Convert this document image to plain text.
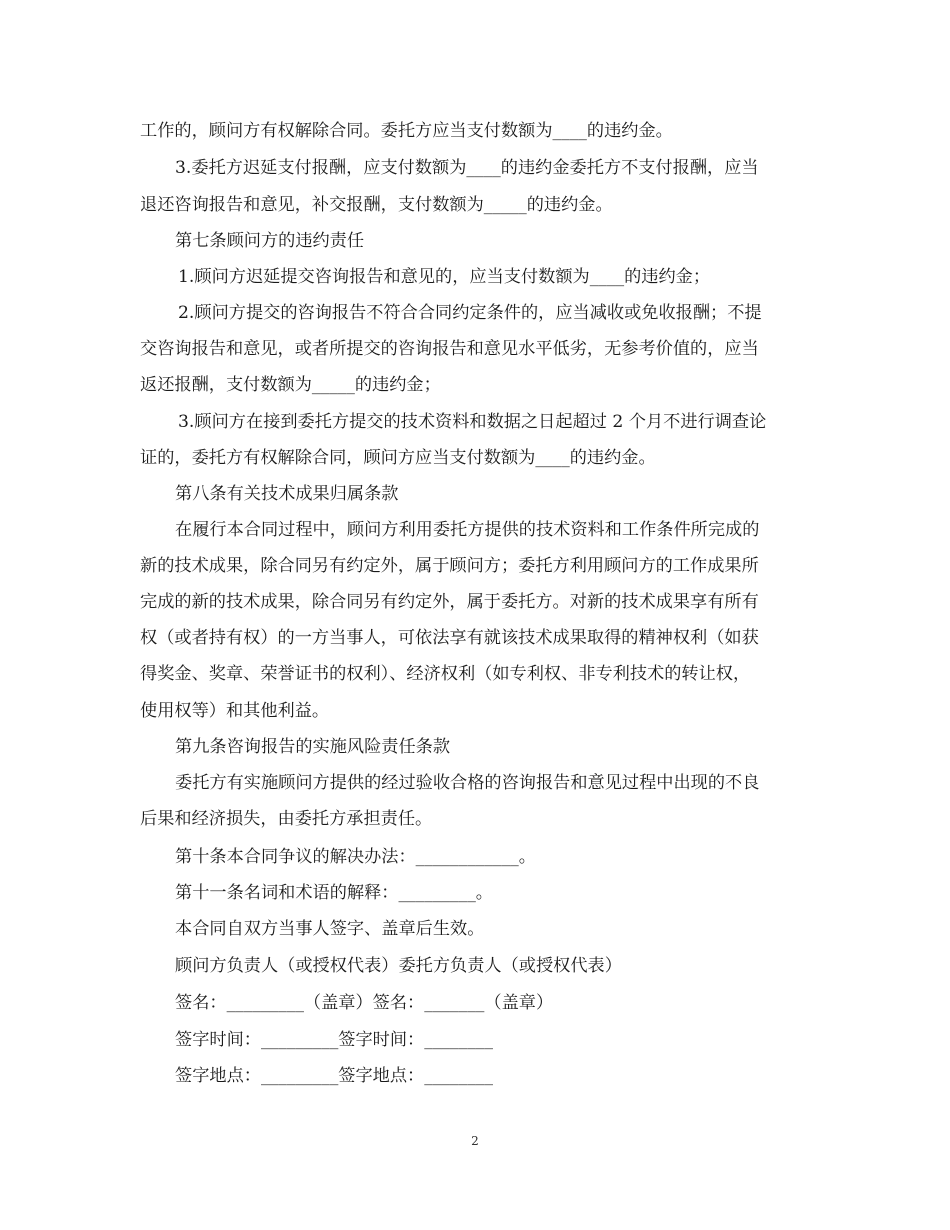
工作的，顾问方有权解除合同。委托方应当支付数额为____的违约金。
3.委托方迟延支付报酬，应支付数额为____的违约金委托方不支付报酬，应当
退还咨询报告和意见，补交报酬，支付数额为_____的违约金。
第七条顾问方的违约责任
1.顾问方迟延提交咨询报告和意见的，应当支付数额为____的违约金；
2.顾问方提交的咨询报告不符合合同约定条件的，应当减收或免收报酬；不提
交咨询报告和意见，或者所提交的咨询报告和意见水平低劣，无参考价值的，应当
返还报酬，支付数额为_____的违约金；
3.顾问方在接到委托方提交的技术资料和数据之日起超过 2 个月不进行调查论
证的，委托方有权解除合同，顾问方应当支付数额为____的违约金。
第八条有关技术成果归属条款
在履行本合同过程中，顾问方利用委托方提供的技术资料和工作条件所完成的
新的技术成果，除合同另有约定外，属于顾问方；委托方利用顾问方的工作成果所
完成的新的技术成果，除合同另有约定外，属于委托方。对新的技术成果享有所有
权（或者持有权）的一方当事人，可依法享有就该技术成果取得的精神权利（如获
得奖金、奖章、荣誉证书的权利）、经济权利（如专利权、非专利技术的转让权，
使用权等）和其他利益。
第九条咨询报告的实施风险责任条款
委托方有实施顾问方提供的经过验收合格的咨询报告和意见过程中出现的不良
后果和经济损失，由委托方承担责任。
第十条本合同争议的解决办法：____________。
第十一条名词和术语的解释：_________。
本合同自双方当事人签字、盖章后生效。
顾问方负责人（或授权代表）委托方负责人（或授权代表）
签名：_________（盖章）签名：_______（盖章）
签字时间：_________签字时间：________
签字地点：_________签字地点：________
2
